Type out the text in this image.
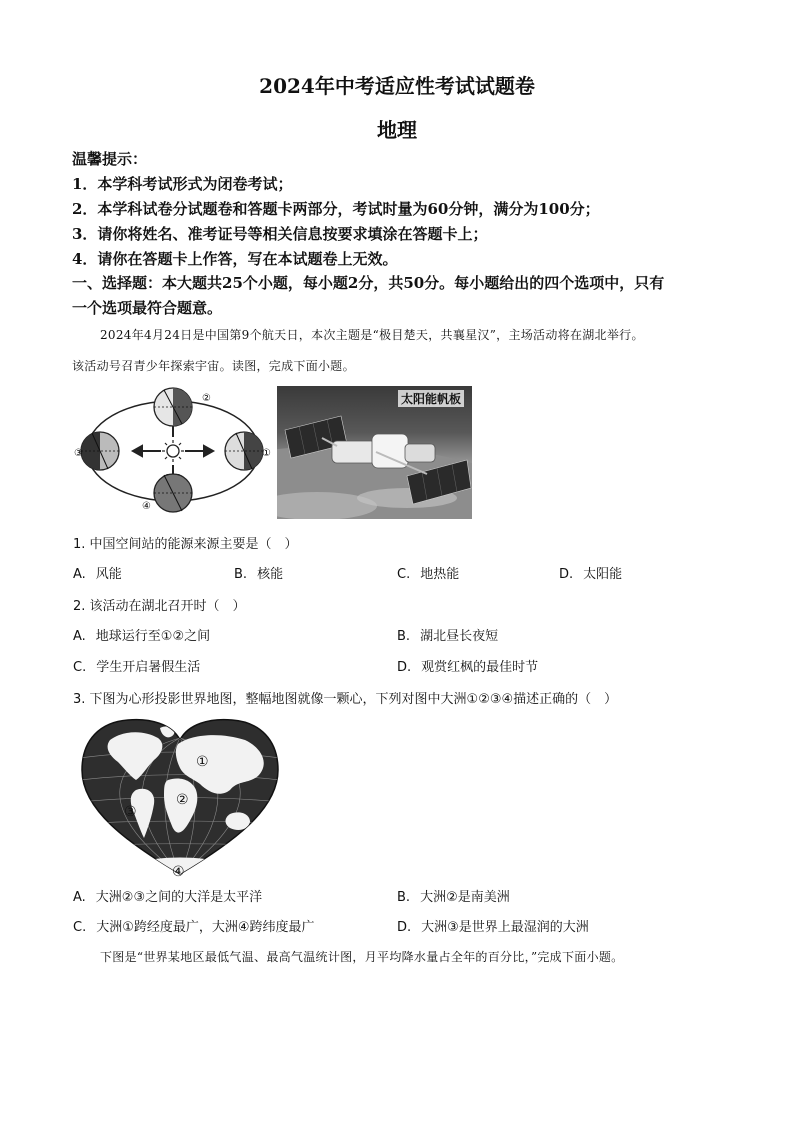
2024年中考适应性考试试题卷
地理
温馨提示：
1．本学科考试形式为闭卷考试；
2．本学科试卷分试题卷和答题卡两部分，考试时量为60分钟，满分为100分；
3．请你将姓名、准考证号等相关信息按要求填涂在答题卡上；
4．请你在答题卡上作答，写在本试题卷上无效。
一、选择题：本大题共25个小题，每小题2分，共50分。每小题给出的四个选项中，只有
一个选项最符合题意。
2024年4月24日是中国第9个航天日，本次主题是“极目楚天，共襄星汉”，主场活动将在湖北举行。
该活动号召青少年探索宇宙。读图，完成下面小题。
②
③	①
④
太阳能帆板
1. 中国空间站的能源来源主要是（　）
A. 风能	B. 核能	C. 地热能	D. 太阳能
2. 该活动在湖北召开时（　）
A. 地球运行至①②之间	B. 湖北昼长夜短
C. 学生开启暑假生活	D. 观赏红枫的最佳时节
3. 下图为心形投影世界地图，整幅地图就像一颗心，下列对图中大洲①②③④描述正确的（　）
①
②
③
④
A. 大洲②③之间的大洋是太平洋	B. 大洲②是南美洲
C. 大洲①跨经度最广，大洲④跨纬度最广	D. 大洲③是世界上最湿润的大洲
下图是“世界某地区最低气温、最高气温统计图，月平均降水量占全年的百分比，”完成下面小题。
